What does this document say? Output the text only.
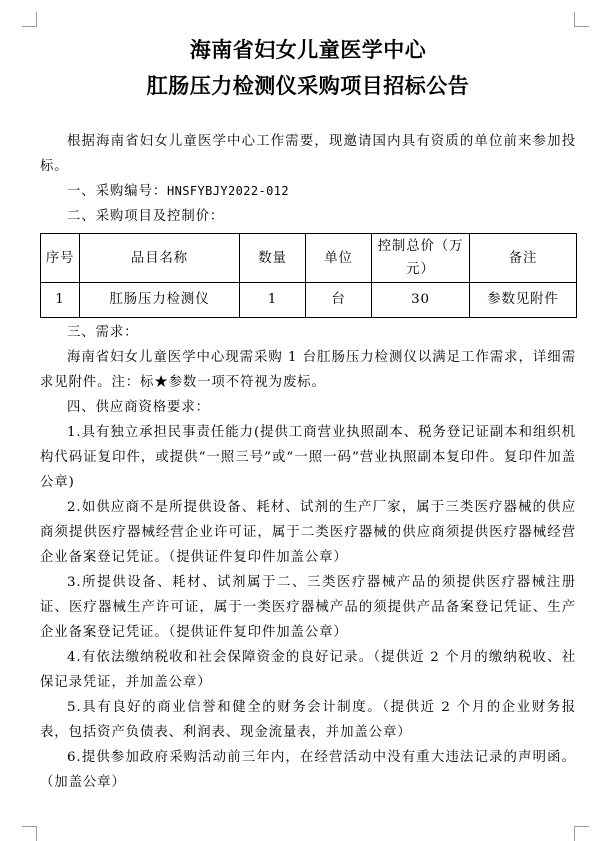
海南省妇女儿童医学中心
肛肠压力检测仪采购项目招标公告

根据海南省妇女儿童医学中心工作需要，现邀请国内具有资质的单位前来参加投标。

一、采购编号：HNSFYBJY2022-012

二、采购项目及控制价：

序号	品目名称	数量	单位	控制总价（万元）	备注
1	肛肠压力检测仪	1	台	30	参数见附件

三、需求：

海南省妇女儿童医学中心现需采购 1 台肛肠压力检测仪以满足工作需求，详细需求见附件。注：标★参数一项不符视为废标。

四、供应商资格要求：

1.具有独立承担民事责任能力(提供工商营业执照副本、税务登记证副本和组织机构代码证复印件，或提供“一照三号”或“一照一码”营业执照副本复印件。复印件加盖公章)

2.如供应商不是所提供设备、耗材、试剂的生产厂家，属于三类医疗器械的供应商须提供医疗器械经营企业许可证，属于二类医疗器械的供应商须提供医疗器械经营企业备案登记凭证。（提供证件复印件加盖公章）

3.所提供设备、耗材、试剂属于二、三类医疗器械产品的须提供医疗器械注册证、医疗器械生产许可证，属于一类医疗器械产品的须提供产品备案登记凭证、生产企业备案登记凭证。（提供证件复印件加盖公章）

4.有依法缴纳税收和社会保障资金的良好记录。（提供近 2 个月的缴纳税收、社保记录凭证，并加盖公章）

5.具有良好的商业信誉和健全的财务会计制度。（提供近 2 个月的企业财务报表，包括资产负债表、利润表、现金流量表，并加盖公章）

6.提供参加政府采购活动前三年内，在经营活动中没有重大违法记录的声明函。（加盖公章）
